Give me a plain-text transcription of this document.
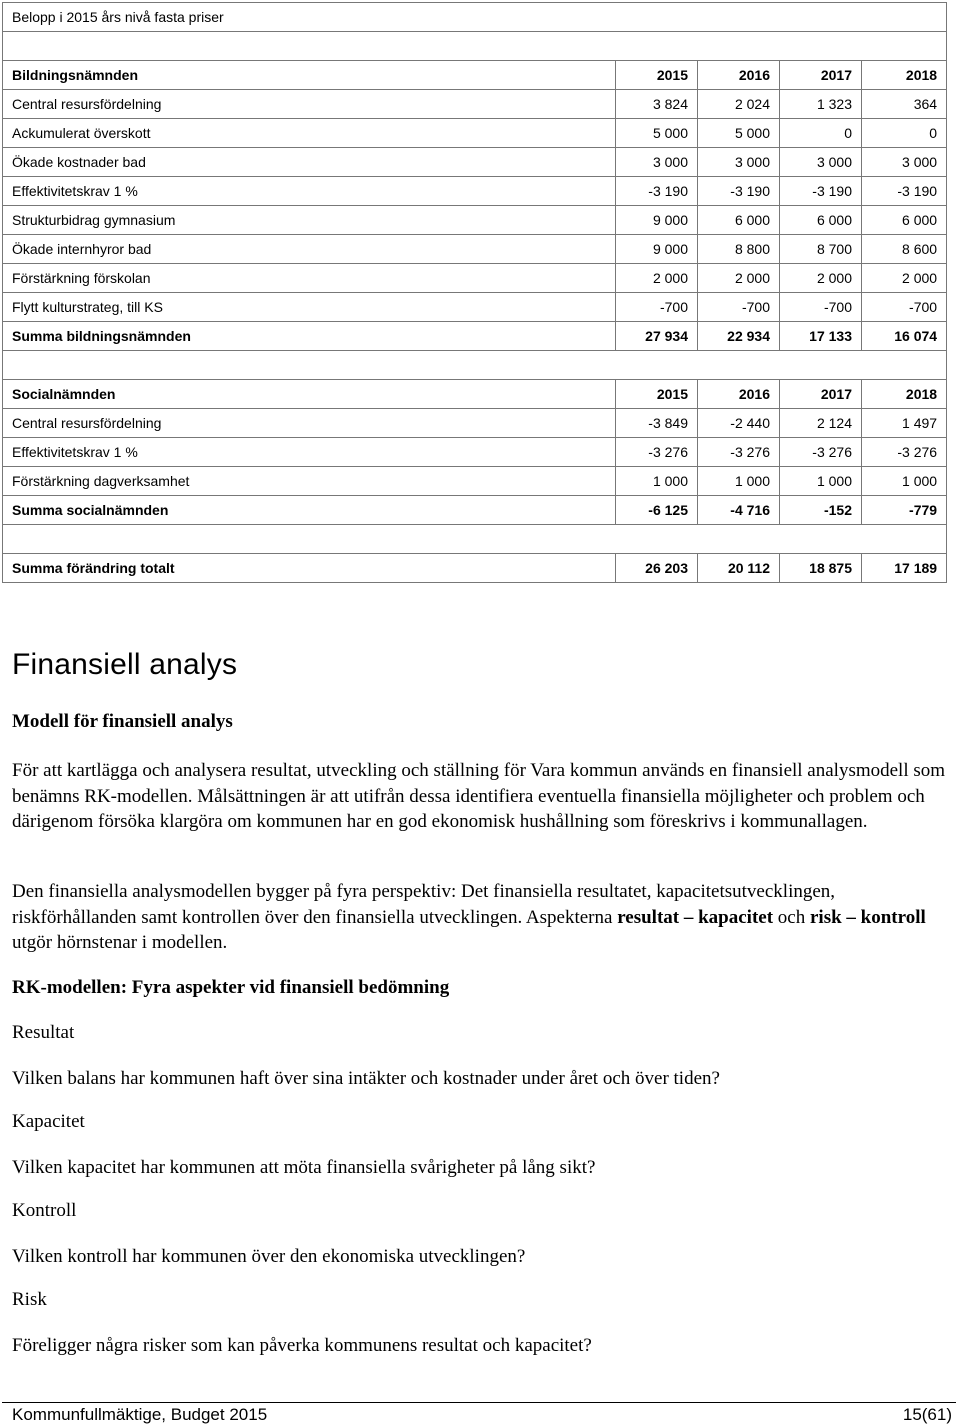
Belopp i 2015 års nivå fasta priser				

Bildningsnämnden	2015	2016	2017	2018
Central resursfördelning	3 824	2 024	1 323	364
Ackumulerat överskott	5 000	5 000	0	0
Ökade kostnader bad	3 000	3 000	3 000	3 000
Effektivitetskrav 1 %	-3 190	-3 190	-3 190	-3 190
Strukturbidrag gymnasium	9 000	6 000	6 000	6 000
Ökade internhyror bad	9 000	8 800	8 700	8 600
Förstärkning förskolan	2 000	2 000	2 000	2 000
Flytt kulturstrateg, till KS	-700	-700	-700	-700
Summa bildningsnämnden	27 934	22 934	17 133	16 074

Socialnämnden	2015	2016	2017	2018
Central resursfördelning	-3 849	-2 440	2 124	1 497
Effektivitetskrav 1 %	-3 276	-3 276	-3 276	-3 276
Förstärkning dagverksamhet	1 000	1 000	1 000	1 000
Summa socialnämnden	-6 125	-4 716	-152	-779

Summa förändring totalt	26 203	20 112	18 875	17 189
Finansiell analys
Modell för finansiell analys

För att kartlägga och analysera resultat, utveckling och ställning för Vara kommun används en finansiell analysmodell som benämns RK-modellen. Målsättningen är att utifrån dessa identifiera eventuella finansiella möjligheter och problem och därigenom försöka klargöra om kommunen har en god ekonomisk hushållning som föreskrivs i kommunallagen.

Den finansiella analysmodellen bygger på fyra perspektiv: Det finansiella resultatet, kapacitetsutvecklingen, riskförhållanden samt kontrollen över den finansiella utvecklingen. Aspekterna resultat – kapacitet och risk – kontroll utgör hörnstenar i modellen.

RK-modellen: Fyra aspekter vid finansiell bedömning
Resultat

Vilken balans har kommunen haft över sina intäkter och kostnader under året och över tiden?

Kapacitet

Vilken kapacitet har kommunen att möta finansiella svårigheter på lång sikt?

Kontroll

Vilken kontroll har kommunen över den ekonomiska utvecklingen?

Risk

Föreligger några risker som kan påverka kommunens resultat och kapacitet?

Kommunfullmäktige, Budget 2015	15(61)
